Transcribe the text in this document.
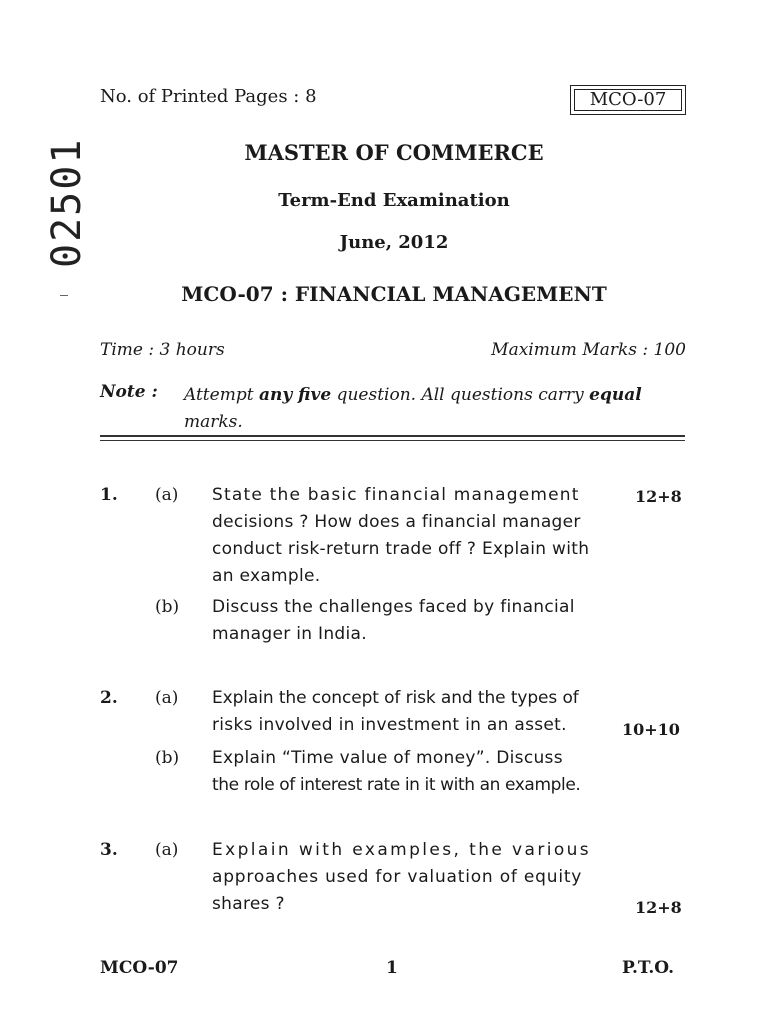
02501
No. of Printed Pages : 8	MCO-07
MASTER OF COMMERCE
Term-End Examination
June, 2012
MCO-07 : FINANCIAL MANAGEMENT
Time : 3 hours	Maximum Marks : 100
Note : Attempt any five question. All questions carry equal
marks.
1. (a) State the basic financial management
decisions ? How does a financial manager
conduct risk-return trade off ? Explain with
an example.
12+8
(b) Discuss the challenges faced by financial
manager in India.
2. (a) Explain the concept of risk and the types of
risks involved in investment in an asset.	10+10
(b) Explain “Time value of money”. Discuss
the role of interest rate in it with an example.
3. (a) Explain with examples, the various
approaches used for valuation of equity
shares ?	12+8
MCO-07	1	P.T.O.
